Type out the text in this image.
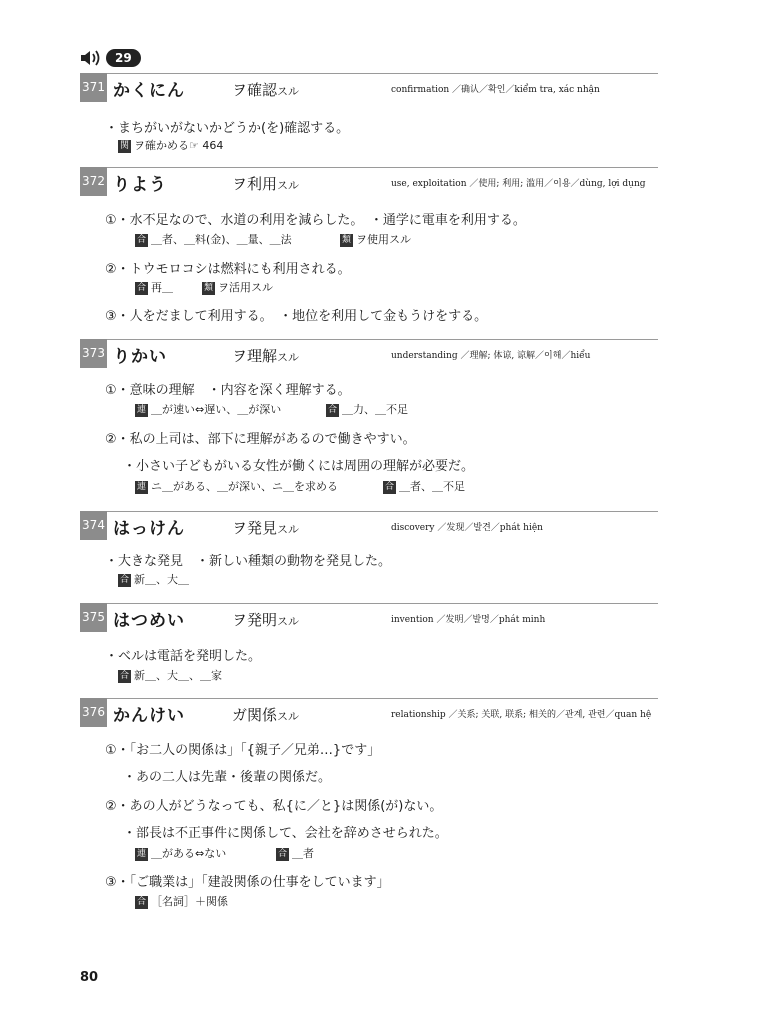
29
371 かくにん	ヲ確認スル	confirmation ／确认／확인／kiểm tra, xác nhận
・まちがいがないかどうか(を)確認する。
関 ヲ確かめる☞ 464
372 りよう	ヲ利用スル	use, exploitation ／使用; 利用; 滥用／이용／dùng, lợi dụng
①・水不足なので、水道の利用を減らした。　・通学に電車を利用する。
合 ＿者、＿料(金)、＿量、＿法	類 ヲ使用スル
②・トウモロコシは燃料にも利用される。
合 再＿	類 ヲ活用スル
③・人をだまして利用する。　・地位を利用して金もうけをする。
373 りかい	ヲ理解スル	understanding ／理解; 体谅, 谅解／이해／hiểu
①・意味の理解　・内容を深く理解する。
連 ＿が速い⇔遅い、＿が深い	合 ＿力、＿不足
②・私の上司は、部下に理解があるので働きやすい。
・小さい子どもがいる女性が働くには周囲の理解が必要だ。
連 ニ＿がある、＿が深い、ニ＿を求める	合 ＿者、＿不足
374 はっけん	ヲ発見スル	discovery ／发现／발견／phát hiện
・大きな発見　・新しい種類の動物を発見した。
合 新＿、大＿
375 はつめい	ヲ発明スル	invention ／发明／발명／phát minh
・ベルは電話を発明した。
合 新＿、大＿、＿家
376 かんけい	ガ関係スル	relationship ／关系; 关联, 联系; 相关的／관계, 관련／quan hệ
①・「お二人の関係は」「{親子／兄弟…}です」
・あの二人は先輩・後輩の関係だ。
②・あの人がどうなっても、私{に／と}は関係(が)ない。
・部長は不正事件に関係して、会社を辞めさせられた。
連 ＿がある⇔ない	合 ＿者
③・「ご職業は」「建設関係の仕事をしています」
合 ［名詞］＋関係
80
